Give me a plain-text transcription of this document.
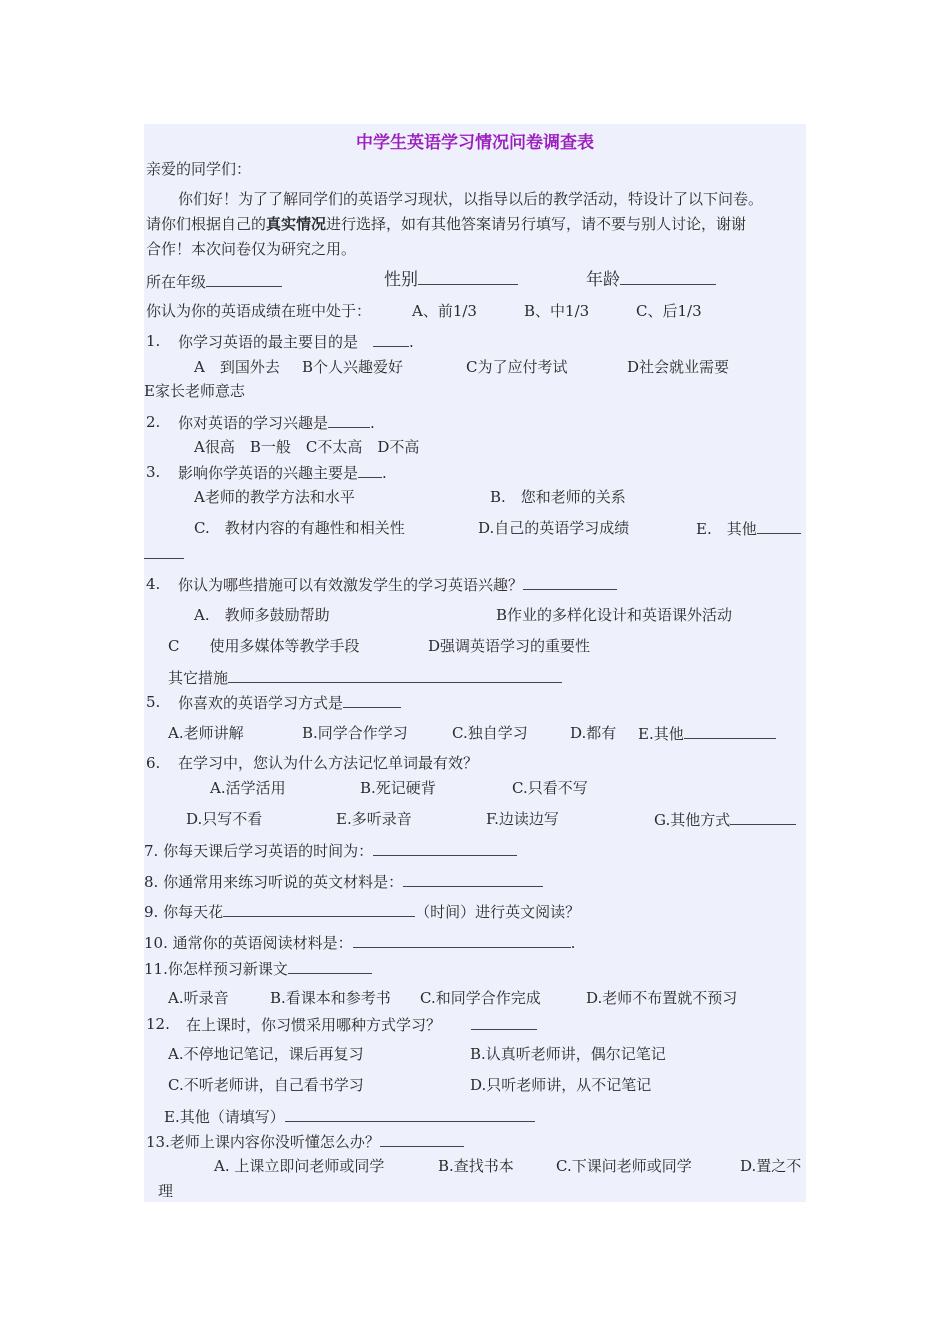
中学生英语学习情况问卷调查表
亲爱的同学们：
你们好！为了了解同学们的英语学习现状，以指导以后的教学活动，特设计了以下问卷。
请你们根据自己的真实情况进行选择，如有其他答案请另行填写，请不要与别人讨论，谢谢
合作！本次问卷仅为研究之用。
所在年级	性别	年龄
你认为你的英语成绩在班中处于：	A、前1/3	B、中1/3	C、后1/3
1. 你学习英语的最主要目的是　	.
A　到国外去 B个人兴趣爱好	C为了应付考试	D社会就业需要
E家长老师意志
2. 你对英语的学习兴趣是	.
A很高　B一般　C不太高　D不高
3. 影响你学英语的兴趣主要是 .
A老师的教学方法和水平	B.　您和老师的关系
C.　教材内容的有趣性和相关性	D.自己的英语学习成绩	E.　其他
4. 你认为哪些措施可以有效激发学生的学习英语兴趣？
A.　教师多鼓励帮助	B作业的多样化设计和英语课外活动
C　　使用多媒体等教学手段	D强调英语学习的重要性
其它措施
5. 你喜欢的英语学习方式是
A.老师讲解	B.同学合作学习	C.独自学习	D.都有 E.其他
6. 在学习中，您认为什么方法记忆单词最有效？
A.活学活用	B.死记硬背	C.只看不写
D.只写不看	E.多听录音	F.边读边写	G.其他方式
7. 你每天课后学习英语的时间为：
8. 你通常用来练习听说的英文材料是：
9. 你每天花	（时间）进行英文阅读？
10. 通常你的英语阅读材料是：	.
11.你怎样预习新课文
A.听录音	B.看课本和参考书 C.和同学合作完成	D.老师不布置就不预习
12. 在上课时，你习惯采用哪种方式学习？　　
A.不停地记笔记，课后再复习	B.认真听老师讲，偶尔记笔记
C.不听老师讲，自己看书学习	D.只听老师讲，从不记笔记
E.其他（请填写）
13.老师上课内容你没听懂怎么办？
A. 上课立即问老师或同学	B.查找书本	C.下课问老师或同学	D.置之不
理
